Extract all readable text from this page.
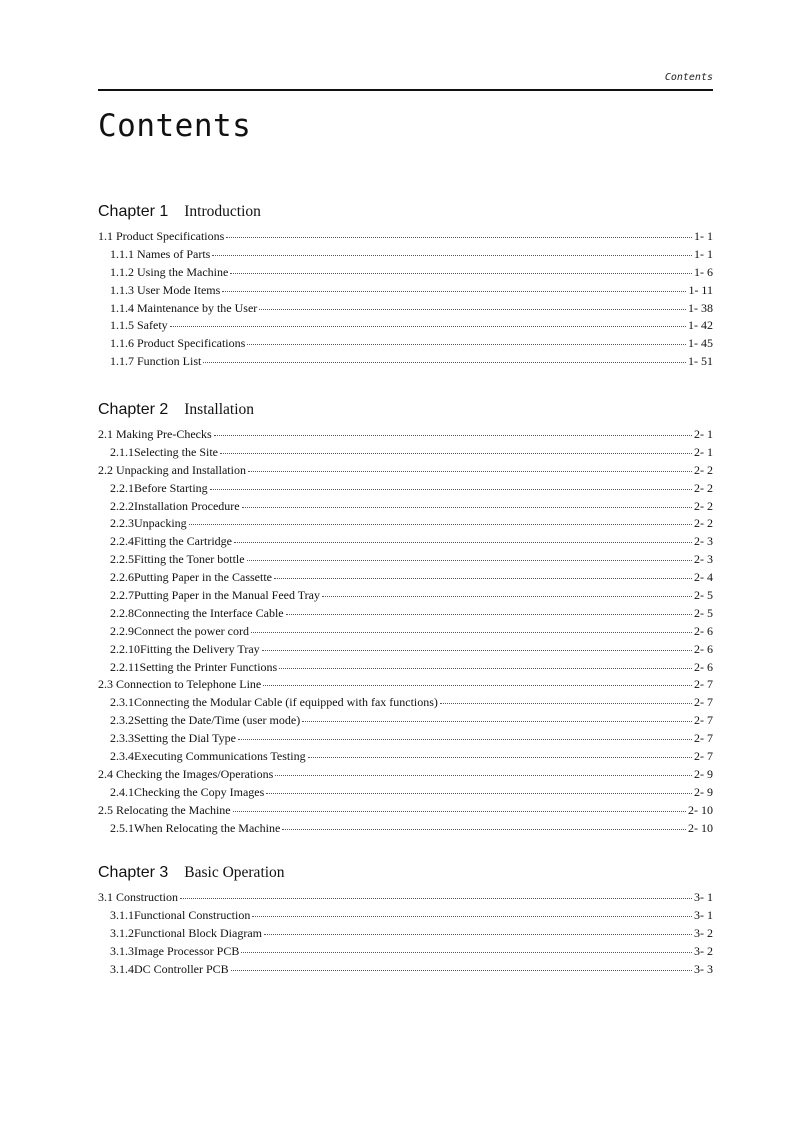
Contents
Contents
Chapter 1 Introduction
1.1 Product Specifications	1- 1
1.1.1 Names of Parts	1- 1
1.1.2 Using the Machine	1- 6
1.1.3 User Mode Items	1- 11
1.1.4 Maintenance by the User	1- 38
1.1.5 Safety	1- 42
1.1.6 Product Specifications	1- 45
1.1.7 Function List	1- 51
Chapter 2 Installation
2.1 Making Pre-Checks	2- 1
2.1.1Selecting the Site	2- 1
2.2 Unpacking and Installation	2- 2
2.2.1Before Starting	2- 2
2.2.2Installation Procedure	2- 2
2.2.3Unpacking	2- 2
2.2.4Fitting the Cartridge	2- 3
2.2.5Fitting the Toner bottle	2- 3
2.2.6Putting Paper in the Cassette	2- 4
2.2.7Putting Paper in the Manual Feed Tray	2- 5
2.2.8Connecting the Interface Cable	2- 5
2.2.9Connect the power cord	2- 6
2.2.10Fitting the Delivery Tray	2- 6
2.2.11Setting the Printer Functions	2- 6
2.3 Connection to Telephone Line	2- 7
2.3.1Connecting the Modular Cable (if equipped with fax functions)	2- 7
2.3.2Setting the Date/Time (user mode)	2- 7
2.3.3Setting the Dial Type	2- 7
2.3.4Executing Communications Testing	2- 7
2.4 Checking the Images/Operations	2- 9
2.4.1Checking the Copy Images	2- 9
2.5 Relocating the Machine	2- 10
2.5.1When Relocating the Machine	2- 10
Chapter 3 Basic Operation
3.1 Construction	3- 1
3.1.1Functional Construction	3- 1
3.1.2Functional Block Diagram	3- 2
3.1.3Image Processor PCB	3- 2
3.1.4DC Controller PCB	3- 3
